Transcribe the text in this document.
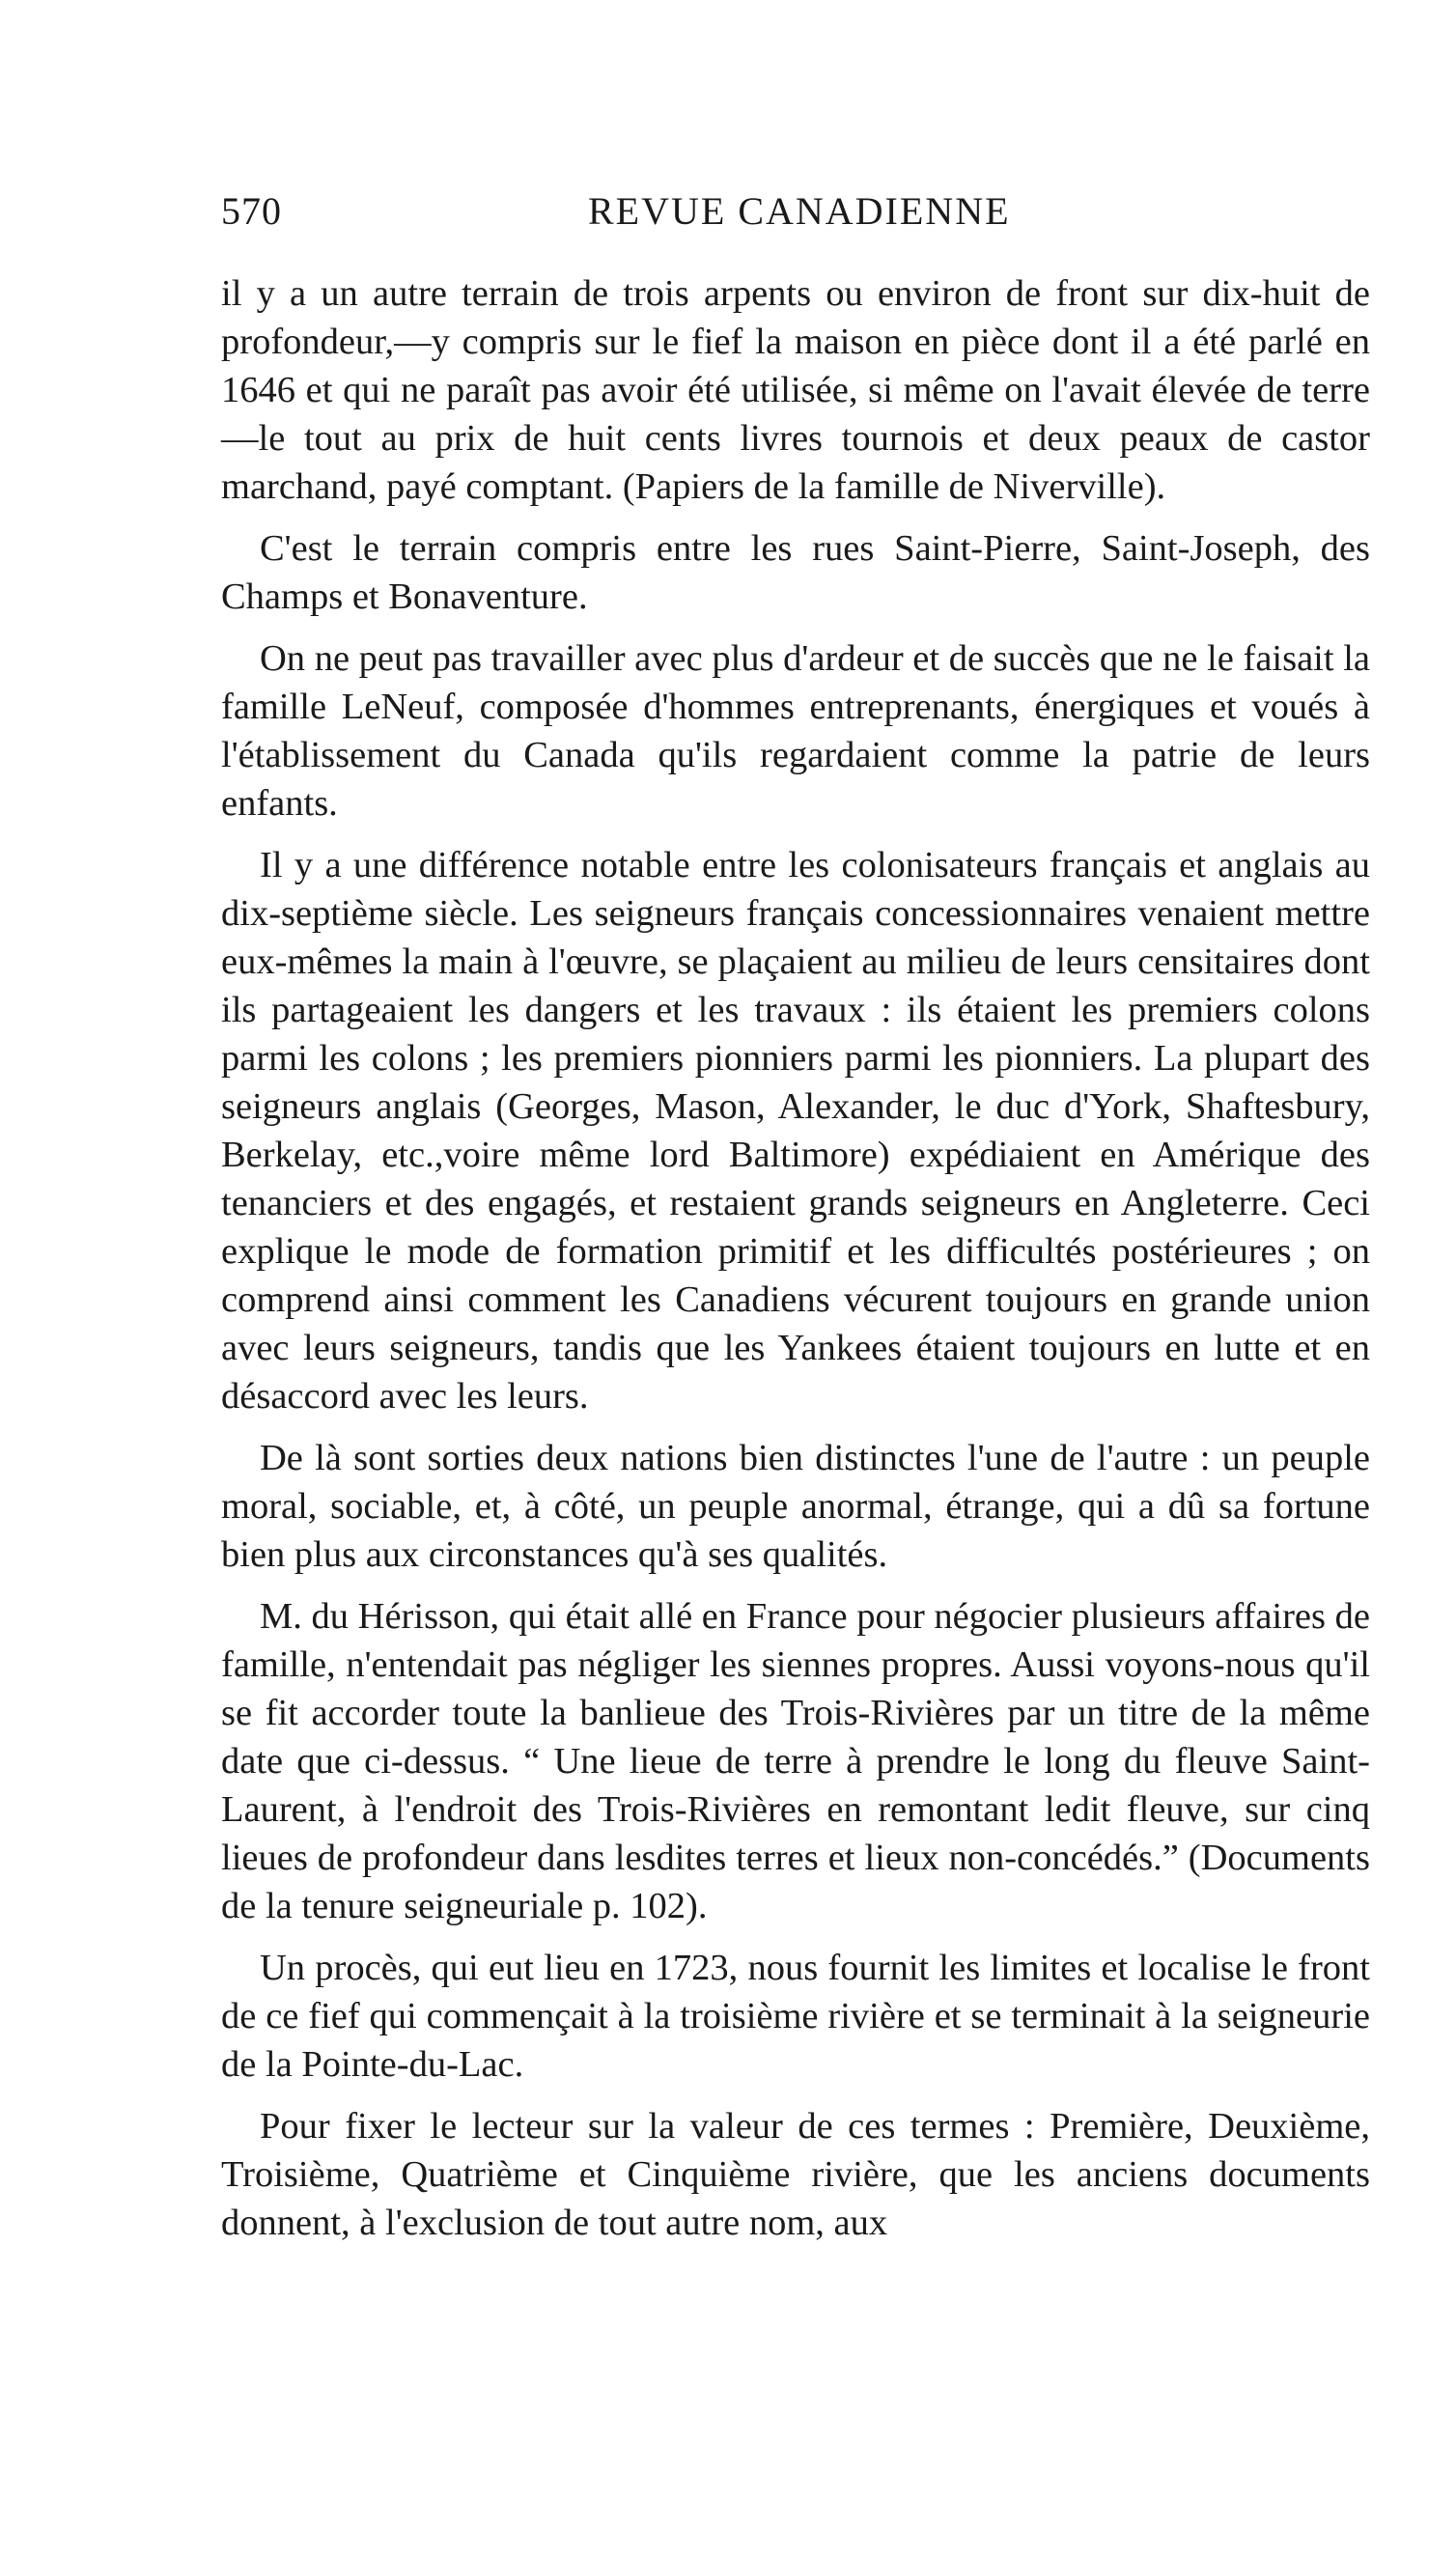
570	REVUE CANADIENNE

il y a un autre terrain de trois arpents ou environ de front sur dix-huit de profondeur,—y compris sur le fief la maison en pièce dont il a été parlé en 1646 et qui ne paraît pas avoir été utilisée, si même on l'avait élevée de terre—le tout au prix de huit cents livres tournois et deux peaux de castor marchand, payé comptant. (Papiers de la famille de Niverville).

C'est le terrain compris entre les rues Saint-Pierre, Saint-Joseph, des Champs et Bonaventure.

On ne peut pas travailler avec plus d'ardeur et de succès que ne le faisait la famille LeNeuf, composée d'hommes entreprenants, énergiques et voués à l'établissement du Canada qu'ils regardaient comme la patrie de leurs enfants.

Il y a une différence notable entre les colonisateurs français et anglais au dix-septième siècle. Les seigneurs français concessionnaires venaient mettre eux-mêmes la main à l'œuvre, se plaçaient au milieu de leurs censitaires dont ils partageaient les dangers et les travaux : ils étaient les premiers colons parmi les colons ; les premiers pionniers parmi les pionniers. La plupart des seigneurs anglais (Georges, Mason, Alexander, le duc d'York, Shaftesbury, Berkelay, etc.,voire même lord Baltimore) expédiaient en Amérique des tenanciers et des engagés, et restaient grands seigneurs en Angleterre. Ceci explique le mode de formation primitif et les difficultés postérieures ; on comprend ainsi comment les Canadiens vécurent toujours en grande union avec leurs seigneurs, tandis que les Yankees étaient toujours en lutte et en désaccord avec les leurs.

De là sont sorties deux nations bien distinctes l'une de l'autre : un peuple moral, sociable, et, à côté, un peuple anormal, étrange, qui a dû sa fortune bien plus aux circonstances qu'à ses qualités.

M. du Hérisson, qui était allé en France pour négocier plusieurs affaires de famille, n'entendait pas négliger les siennes propres. Aussi voyons-nous qu'il se fit accorder toute la banlieue des Trois-Rivières par un titre de la même date que ci-dessus. “ Une lieue de terre à prendre le long du fleuve Saint-Laurent, à l'endroit des Trois-Rivières en remontant ledit fleuve, sur cinq lieues de profondeur dans lesdites terres et lieux non-concédés.” (Documents de la tenure seigneuriale p. 102).

Un procès, qui eut lieu en 1723, nous fournit les limites et localise le front de ce fief qui commençait à la troisième rivière et se terminait à la seigneurie de la Pointe-du-Lac.

Pour fixer le lecteur sur la valeur de ces termes : Première, Deuxième, Troisième, Quatrième et Cinquième rivière, que les anciens documents donnent, à l'exclusion de tout autre nom, aux
